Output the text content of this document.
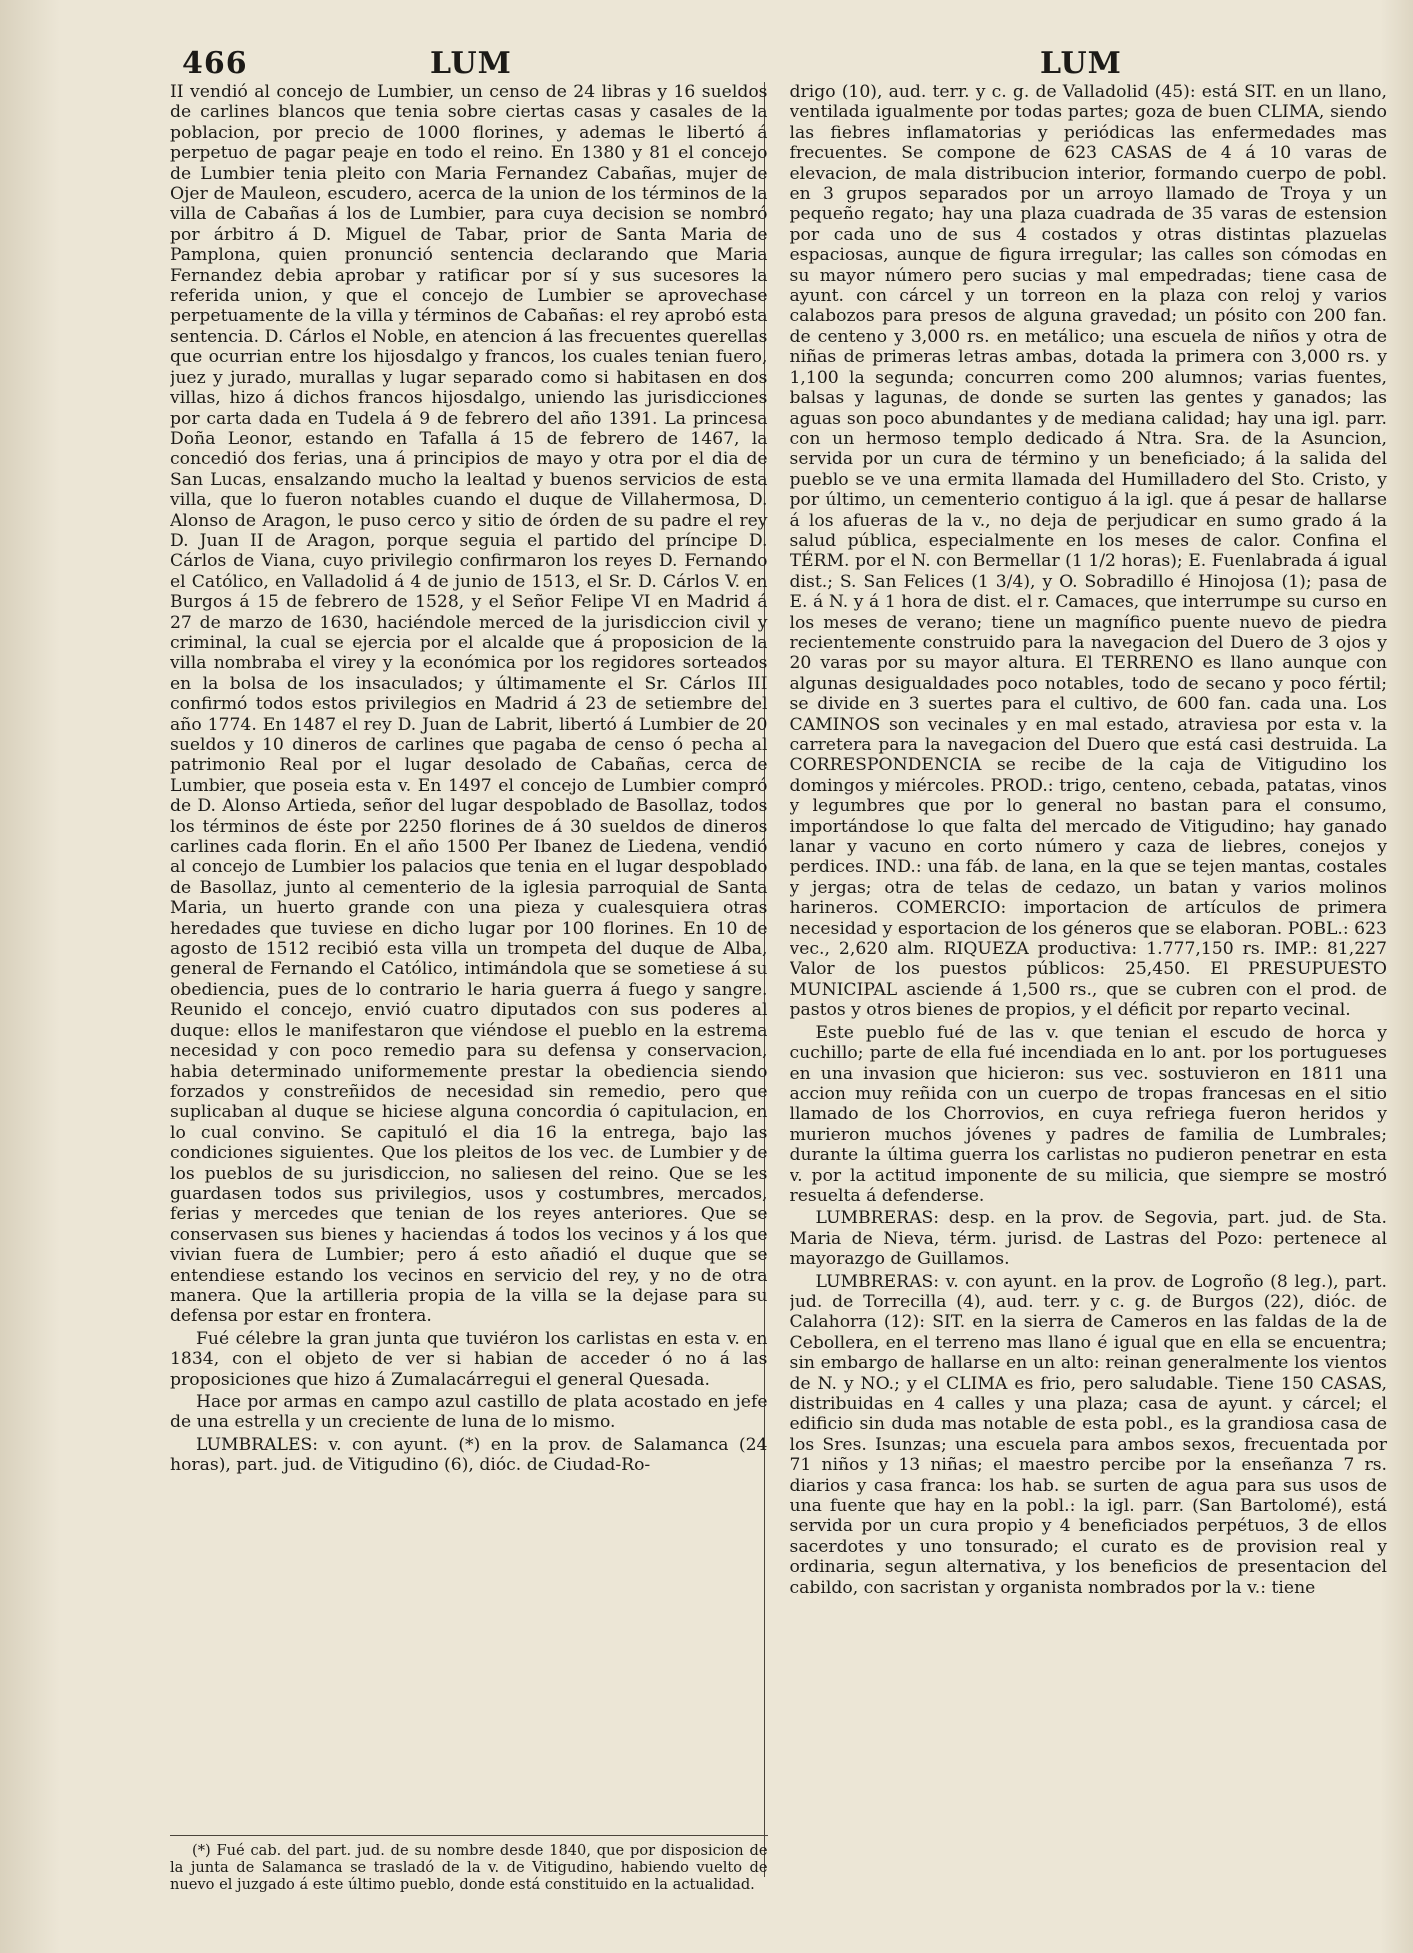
466	LUM	LUM

II vendió al concejo de Lumbier, un censo de 24 libras y 16 sueldos de carlines blancos que tenia sobre ciertas casas y casales de la poblacion, por precio de 1000 florines, y ademas le libertó á perpetuo de pagar peaje en todo el reino. En 1380 y 81 el concejo de Lumbier tenia pleito con Maria Fernandez Cabañas, mujer de Ojer de Mauleon, escudero, acerca de la union de los términos de la villa de Cabañas á los de Lumbier, para cuya decision se nombró por árbitro á D. Miguel de Tabar, prior de Santa Maria de Pamplona, quien pronunció sentencia declarando que Maria Fernandez debia aprobar y ratificar por sí y sus sucesores la referida union, y que el concejo de Lumbier se aprovechase perpetuamente de la villa y términos de Cabañas: el rey aprobó esta sentencia. D. Cárlos el Noble, en atencion á las frecuentes querellas que ocurrian entre los hijosdalgo y francos, los cuales tenian fuero, juez y jurado, murallas y lugar separado como si habitasen en dos villas, hizo á dichos francos hijosdalgo, uniendo las jurisdicciones por carta dada en Tudela á 9 de febrero del año 1391. La princesa Doña Leonor, estando en Tafalla á 15 de febrero de 1467, la concedió dos ferias, una á principios de mayo y otra por el dia de San Lucas, ensalzando mucho la lealtad y buenos servicios de esta villa, que lo fueron notables cuando el duque de Villahermosa, D. Alonso de Aragon, le puso cerco y sitio de órden de su padre el rey D. Juan II de Aragon, porque seguia el partido del príncipe D. Cárlos de Viana, cuyo privilegio confirmaron los reyes D. Fernando el Católico, en Valladolid á 4 de junio de 1513, el Sr. D. Cárlos V. en Burgos á 15 de febrero de 1528, y el Señor Felipe VI en Madrid á 27 de marzo de 1630, haciéndole merced de la jurisdiccion civil y criminal, la cual se ejercia por el alcalde que á proposicion de la villa nombraba el virey y la económica por los regidores sorteados en la bolsa de los insaculados; y últimamente el Sr. Cárlos III confirmó todos estos privilegios en Madrid á 23 de setiembre del año 1774. En 1487 el rey D. Juan de Labrit, libertó á Lumbier de 20 sueldos y 10 dineros de carlines que pagaba de censo ó pecha al patrimonio Real por el lugar desolado de Cabañas, cerca de Lumbier, que poseia esta v. En 1497 el concejo de Lumbier compró de D. Alonso Artieda, señor del lugar despoblado de Basollaz, todos los términos de éste por 2250 florines de á 30 sueldos de dineros carlines cada florin. En el año 1500 Per Ibanez de Liedena, vendió al concejo de Lumbier los palacios que tenia en el lugar despoblado de Basollaz, junto al cementerio de la iglesia parroquial de Santa Maria, un huerto grande con una pieza y cualesquiera otras heredades que tuviese en dicho lugar por 100 florines. En 10 de agosto de 1512 recibió esta villa un trompeta del duque de Alba, general de Fernando el Católico, intimándola que se sometiese á su obediencia, pues de lo contrario le haria guerra á fuego y sangre. Reunido el concejo, envió cuatro diputados con sus poderes al duque: ellos le manifestaron que viéndose el pueblo en la estrema necesidad y con poco remedio para su defensa y conservacion, habia determinado uniformemente prestar la obediencia siendo forzados y constreñidos de necesidad sin remedio, pero que suplicaban al duque se hiciese alguna concordia ó capitulacion, en lo cual convino. Se capituló el dia 16 la entrega, bajo las condiciones siguientes. Que los pleitos de los vec. de Lumbier y de los pueblos de su jurisdiccion, no saliesen del reino. Que se les guardasen todos sus privilegios, usos y costumbres, mercados, ferias y mercedes que tenian de los reyes anteriores. Que se conservasen sus bienes y haciendas á todos los vecinos y á los que vivian fuera de Lumbier; pero á esto añadió el duque que se entendiese estando los vecinos en servicio del rey, y no de otra manera. Que la artilleria propia de la villa se la dejase para su defensa por estar en frontera.

Fué célebre la gran junta que tuviéron los carlistas en esta v. en 1834, con el objeto de ver si habian de acceder ó no á las proposiciones que hizo á Zumalacárregui el general Quesada.

Hace por armas en campo azul castillo de plata acostado en jefe de una estrella y un creciente de luna de lo mismo.

LUMBRALES: v. con ayunt. (*) en la prov. de Salamanca (24 horas), part. jud. de Vitigudino (6), dióc. de Ciudad-Ro-

(*) Fué cab. del part. jud. de su nombre desde 1840, que por disposicion de la junta de Salamanca se trasladó de la v. de Vitigudino, habiendo vuelto de nuevo el juzgado á este último pueblo, donde está constituido en la actualidad.

drigo (10), aud. terr. y c. g. de Valladolid (45): está SIT. en un llano, ventilada igualmente por todas partes; goza de buen CLIMA, siendo las fiebres inflamatorias y periódicas las enfermedades mas frecuentes. Se compone de 623 CASAS de 4 á 10 varas de elevacion, de mala distribucion interior, formando cuerpo de pobl. en 3 grupos separados por un arroyo llamado de Troya y un pequeño regato; hay una plaza cuadrada de 35 varas de estension por cada uno de sus 4 costados y otras distintas plazuelas espaciosas, aunque de figura irregular; las calles son cómodas en su mayor número pero sucias y mal empedradas; tiene casa de ayunt. con cárcel y un torreon en la plaza con reloj y varios calabozos para presos de alguna gravedad; un pósito con 200 fan. de centeno y 3,000 rs. en metálico; una escuela de niños y otra de niñas de primeras letras ambas, dotada la primera con 3,000 rs. y 1,100 la segunda; concurren como 200 alumnos; varias fuentes, balsas y lagunas, de donde se surten las gentes y ganados; las aguas son poco abundantes y de mediana calidad; hay una igl. parr. con un hermoso templo dedicado á Ntra. Sra. de la Asuncion, servida por un cura de término y un beneficiado; á la salida del pueblo se ve una ermita llamada del Humilladero del Sto. Cristo, y por último, un cementerio contiguo á la igl. que á pesar de hallarse á los afueras de la v., no deja de perjudicar en sumo grado á la salud pública, especialmente en los meses de calor. Confina el TÉRM. por el N. con Bermellar (1 1/2 horas); E. Fuenlabrada á igual dist.; S. San Felices (1 3/4), y O. Sobradillo é Hinojosa (1); pasa de E. á N. y á 1 hora de dist. el r. Camaces, que interrumpe su curso en los meses de verano; tiene un magnífico puente nuevo de piedra recientemente construido para la navegacion del Duero de 3 ojos y 20 varas por su mayor altura. El TERRENO es llano aunque con algunas desigualdades poco notables, todo de secano y poco fértil; se divide en 3 suertes para el cultivo, de 600 fan. cada una. Los CAMINOS son vecinales y en mal estado, atraviesa por esta v. la carretera para la navegacion del Duero que está casi destruida. La CORRESPONDENCIA se recibe de la caja de Vitigudino los domingos y miércoles. PROD.: trigo, centeno, cebada, patatas, vinos y legumbres que por lo general no bastan para el consumo, importándose lo que falta del mercado de Vitigudino; hay ganado lanar y vacuno en corto número y caza de liebres, conejos y perdices. IND.: una fáb. de lana, en la que se tejen mantas, costales y jergas; otra de telas de cedazo, un batan y varios molinos harineros. COMERCIO: importacion de artículos de primera necesidad y esportacion de los géneros que se elaboran. POBL.: 623 vec., 2,620 alm. RIQUEZA productiva: 1.777,150 rs. IMP.: 81,227 Valor de los puestos públicos: 25,450. El PRESUPUESTO MUNICIPAL asciende á 1,500 rs., que se cubren con el prod. de pastos y otros bienes de propios, y el déficit por reparto vecinal.

Este pueblo fué de las v. que tenian el escudo de horca y cuchillo; parte de ella fué incendiada en lo ant. por los portugueses en una invasion que hicieron: sus vec. sostuvieron en 1811 una accion muy reñida con un cuerpo de tropas francesas en el sitio llamado de los Chorrovios, en cuya refriega fueron heridos y murieron muchos jóvenes y padres de familia de Lumbrales; durante la última guerra los carlistas no pudieron penetrar en esta v. por la actitud imponente de su milicia, que siempre se mostró resuelta á defenderse.

LUMBRERAS: desp. en la prov. de Segovia, part. jud. de Sta. Maria de Nieva, térm. jurisd. de Lastras del Pozo: pertenece al mayorazgo de Guillamos.

LUMBRERAS: v. con ayunt. en la prov. de Logroño (8 leg.), part. jud. de Torrecilla (4), aud. terr. y c. g. de Burgos (22), dióc. de Calahorra (12): SIT. en la sierra de Cameros en las faldas de la de Cebollera, en el terreno mas llano é igual que en ella se encuentra; sin embargo de hallarse en un alto: reinan generalmente los vientos de N. y NO.; y el CLIMA es frio, pero saludable. Tiene 150 CASAS, distribuidas en 4 calles y una plaza; casa de ayunt. y cárcel; el edificio sin duda mas notable de esta pobl., es la grandiosa casa de los Sres. Isunzas; una escuela para ambos sexos, frecuentada por 71 niños y 13 niñas; el maestro percibe por la enseñanza 7 rs. diarios y casa franca: los hab. se surten de agua para sus usos de una fuente que hay en la pobl.: la igl. parr. (San Bartolomé), está servida por un cura propio y 4 beneficiados perpétuos, 3 de ellos sacerdotes y uno tonsurado; el curato es de provision real y ordinaria, segun alternativa, y los beneficios de presentacion del cabildo, con sacristan y organista nombrados por la v.: tiene
